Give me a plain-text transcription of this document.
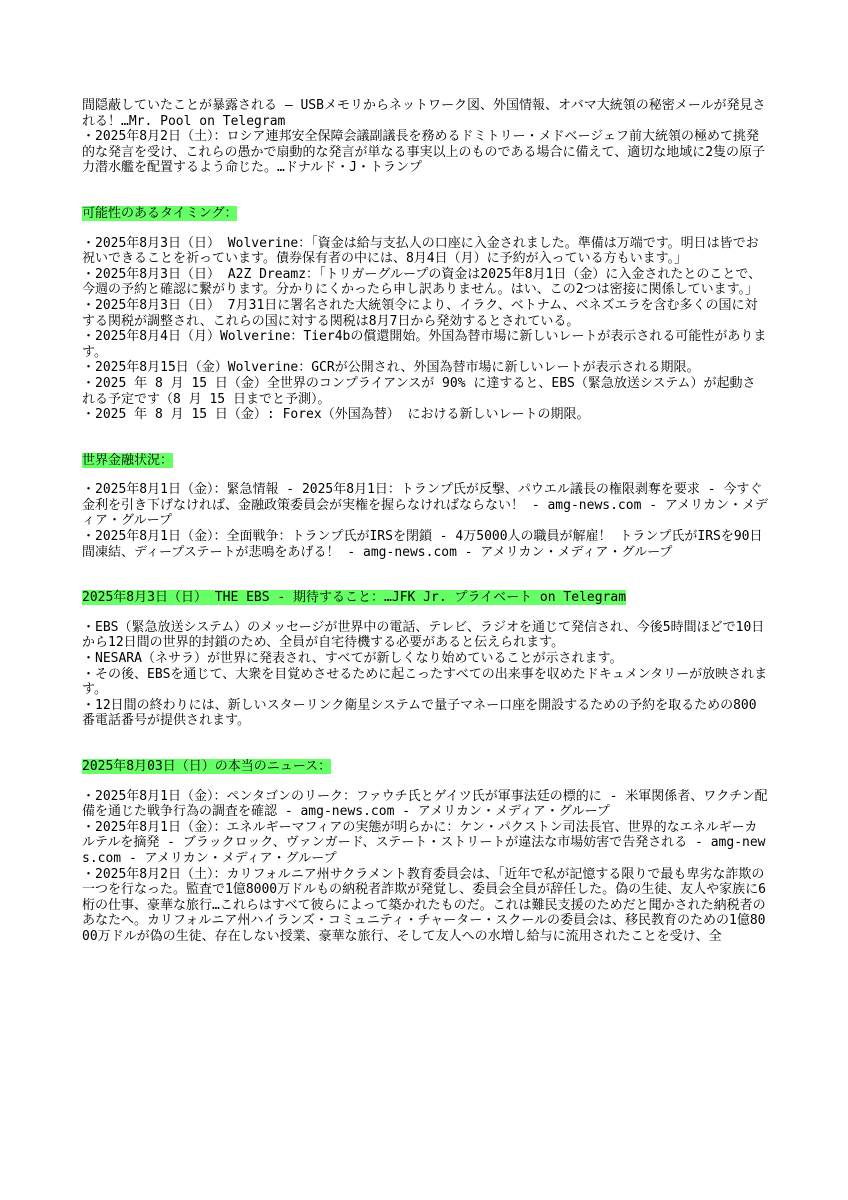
間隠蔽していたことが暴露される — USBメモリからネットワーク図、外国情報、オバマ大統領の秘密メールが発見される！…Mr. Pool on Telegram

・2025年8月2日（土）：ロシア連邦安全保障会議副議長を務めるドミトリー・メドベージェフ前大統領の極めて挑発的な発言を受け、これらの愚かで扇動的な発言が単なる事実以上のものである場合に備えて、適切な地域に2隻の原子力潜水艦を配置するよう命じた。…ドナルド・J・トランプ

可能性のあるタイミング：

・2025年8月3日（日） Wolverine：「資金は給与支払人の口座に入金されました。準備は万端です。明日は皆でお祝いできることを祈っています。債券保有者の中には、8月4日（月）に予約が入っている方もいます。」

・2025年8月3日（日） A2Z Dreamz：「トリガーグループの資金は2025年8月1日（金）に入金されたとのことで、今週の予約と確認に繋がります。分かりにくかったら申し訳ありません。はい、この2つは密接に関係しています。」

・2025年8月3日（日） 7月31日に署名された大統領令により、イラク、ベトナム、ベネズエラを含む多くの国に対する関税が調整され、これらの国に対する関税は8月7日から発効するとされている。

・2025年8月4日（月）Wolverine：Tier4bの償還開始。外国為替市場に新しいレートが表示される可能性があります。

・2025年8月15日（金）Wolverine：GCRが公開され、外国為替市場に新しいレートが表示される期限。

・2025 年 8 月 15 日（金）全世界のコンプライアンスが 90% に達すると、EBS（緊急放送システム）が起動される予定です（8 月 15 日までと予測）。

・2025 年 8 月 15 日（金）: Forex（外国為替） における新しいレートの期限。

世界金融状況：

・2025年8月1日（金）：緊急情報 - 2025年8月1日：トランプ氏が反撃、パウエル議長の権限剥奪を要求 - 今すぐ金利を引き下げなければ、金融政策委員会が実権を握らなければならない！ - amg-news.com - アメリカン・メディア・グループ

・2025年8月1日（金）：全面戦争：トランプ氏がIRSを閉鎖 - 4万5000人の職員が解雇！ トランプ氏がIRSを90日間凍結、ディープステートが悲鳴をあげる！ - amg-news.com - アメリカン・メディア・グループ

2025年8月3日（日） THE EBS - 期待すること：…JFK Jr. プライベート on Telegram

・EBS（緊急放送システム）のメッセージが世界中の電話、テレビ、ラジオを通じて発信され、今後5時間ほどで10日から12日間の世界的封鎖のため、全員が自宅待機する必要があると伝えられます。

・NESARA（ネサラ）が世界に発表され、すべてが新しくなり始めていることが示されます。

・その後、EBSを通じて、大衆を目覚めさせるために起こったすべての出来事を収めたドキュメンタリーが放映されます。

・12日間の終わりには、新しいスターリンク衛星システムで量子マネー口座を開設するための予約を取るための800番電話番号が提供されます。

2025年8月03日（日）の本当のニュース：

・2025年8月1日（金）：ペンタゴンのリーク：ファウチ氏とゲイツ氏が軍事法廷の標的に - 米軍関係者、ワクチン配備を通じた戦争行為の調査を確認 - amg-news.com - アメリカン・メディア・グループ

・2025年8月1日（金）：エネルギーマフィアの実態が明らかに：ケン・パクストン司法長官、世界的なエネルギーカルテルを摘発 - ブラックロック、ヴァンガード、ステート・ストリートが違法な市場妨害で告発される - amg-news.com - アメリカン・メディア・グループ

・2025年8月2日（土）：カリフォルニア州サクラメント教育委員会は、「近年で私が記憶する限りで最も卑劣な詐欺の一つを行なった。監査で1億8000万ドルもの納税者詐欺が発覚し、委員会全員が辞任した。偽の生徒、友人や家族に6桁の仕事、豪華な旅行…これらはすべて彼らによって築かれたものだ。これは難民支援のためだと聞かされた納税者のあなたへ。カリフォルニア州ハイランズ・コミュニティ・チャーター・スクールの委員会は、移民教育のための1億8000万ドルが偽の生徒、存在しない授業、豪華な旅行、そして友人への水増し給与に流用されたことを受け、全
